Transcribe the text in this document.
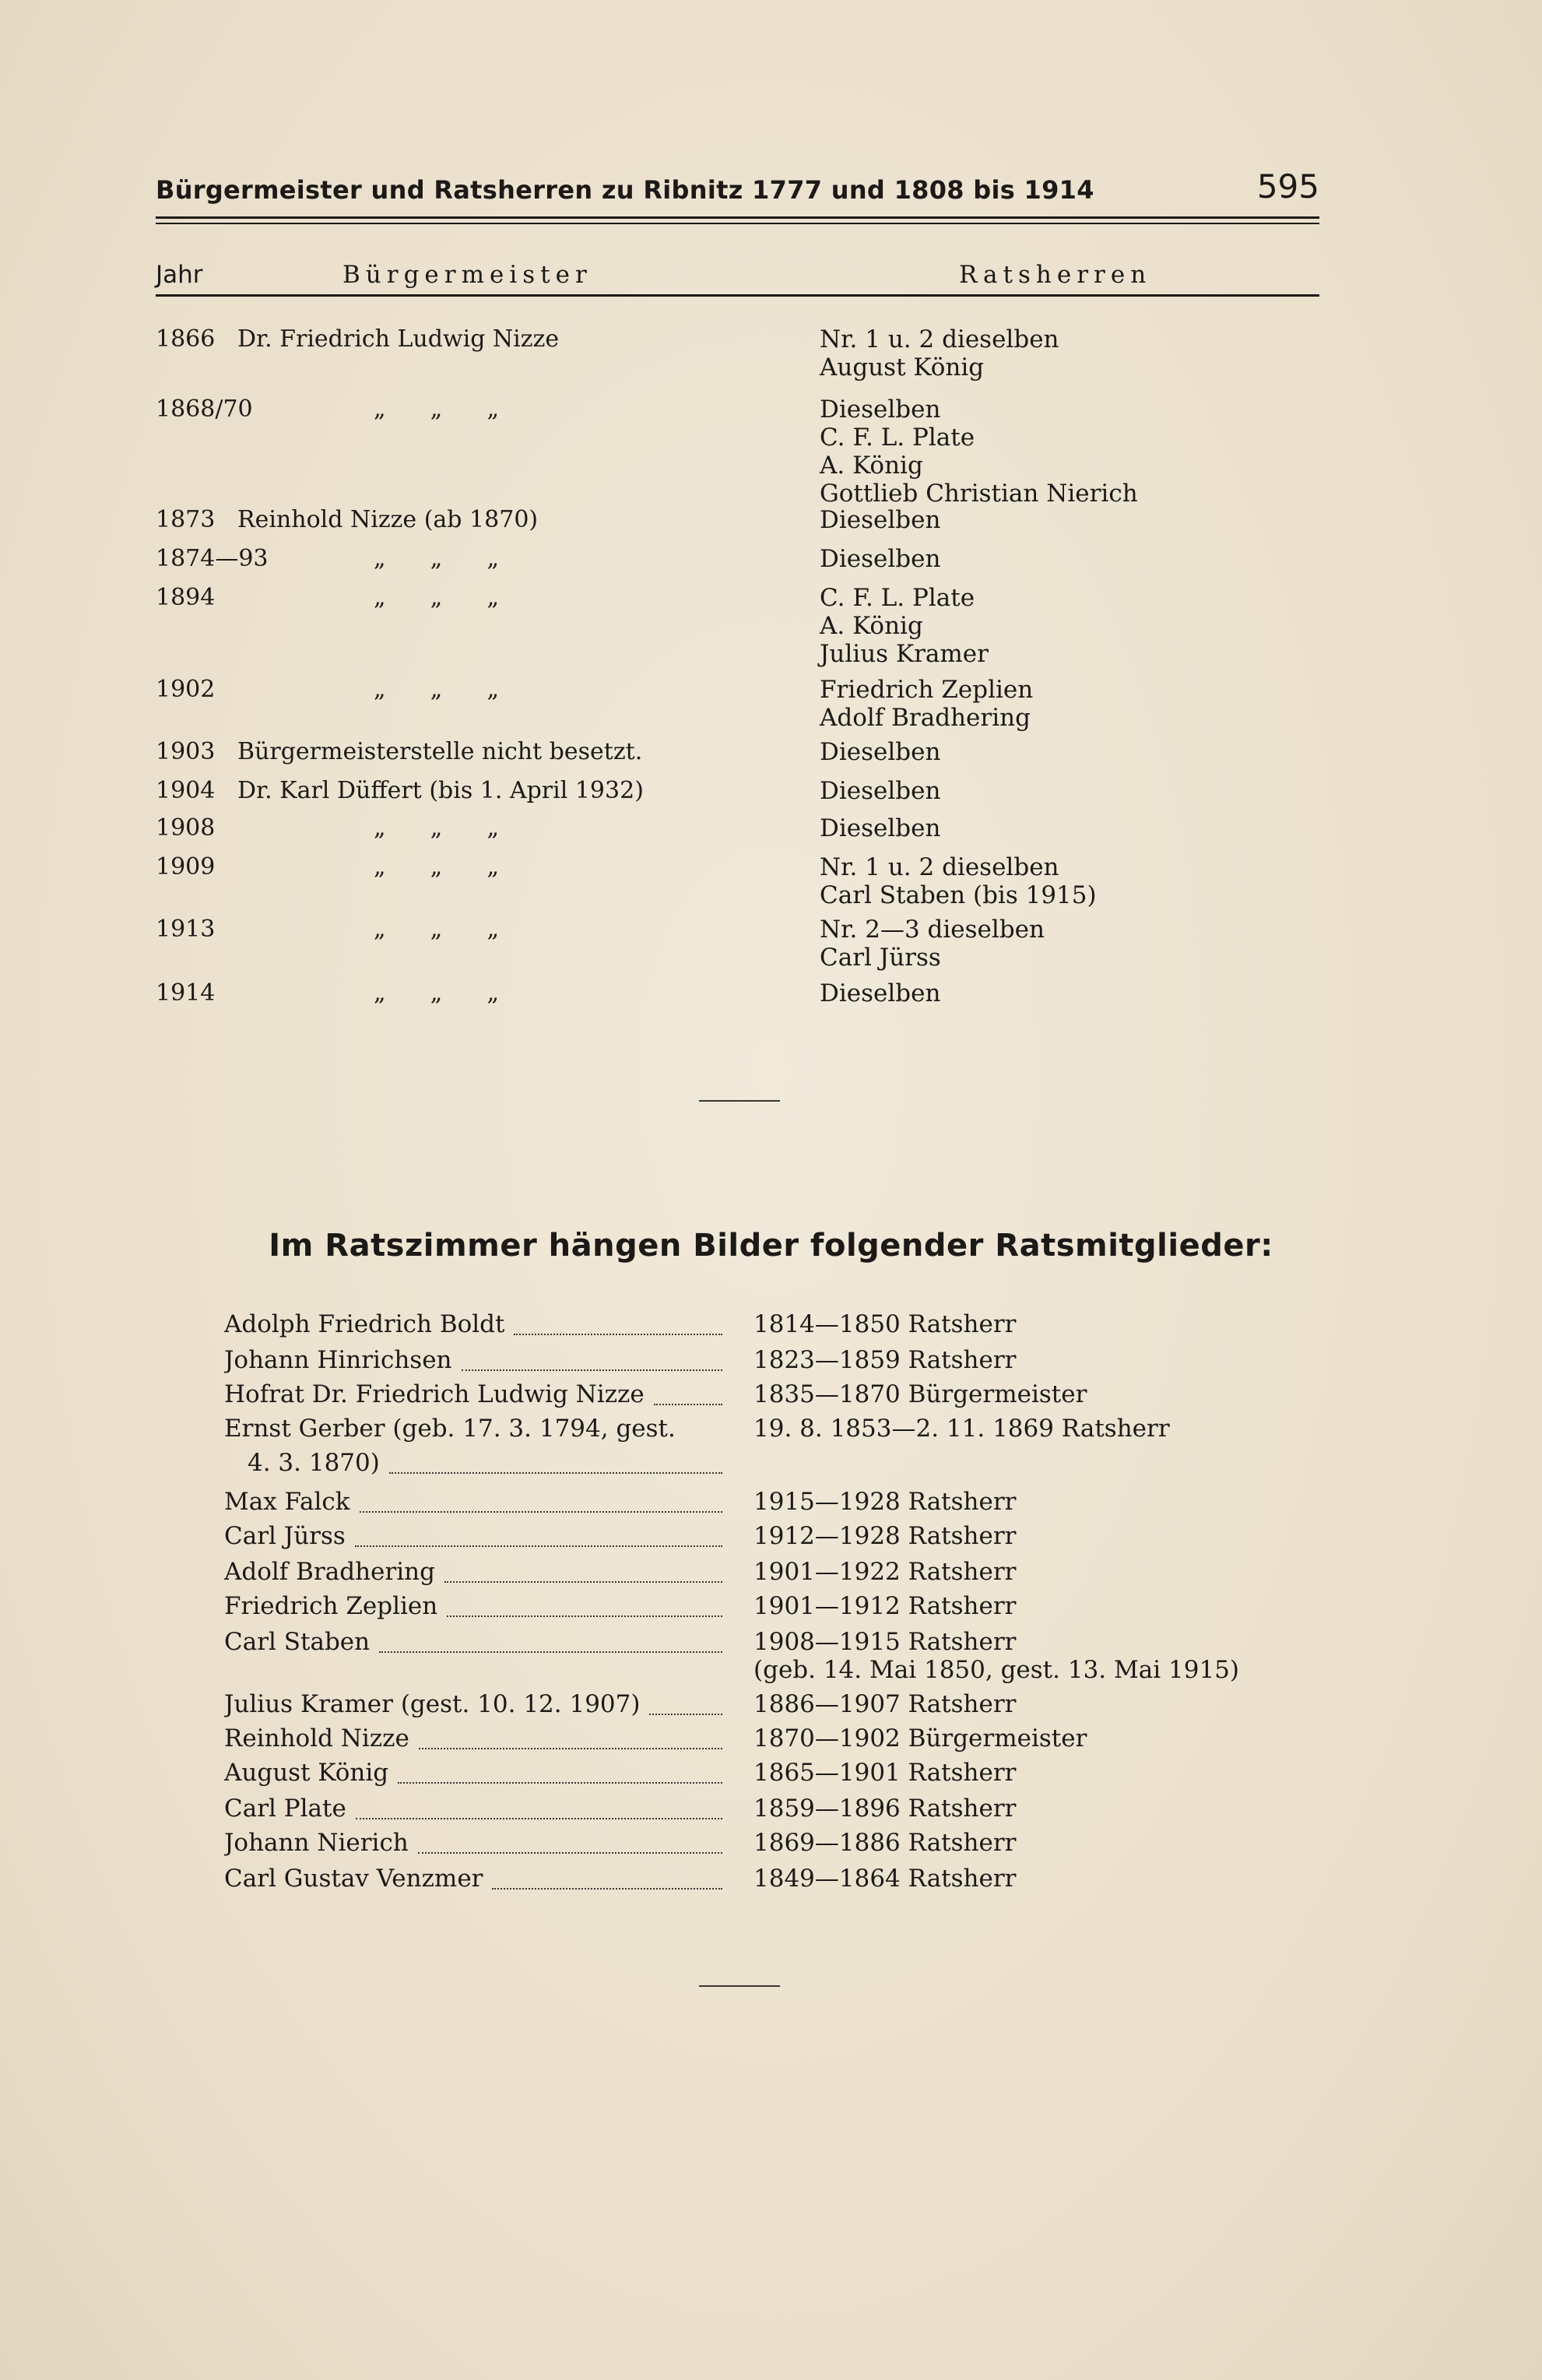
Bürgermeister und Ratsherren zu Ribnitz 1777 und 1808 bis 1914	595
Jahr	Bürgermeister	Ratsherren
1866 Dr. Friedrich Ludwig Nizze	Nr. 1 u. 2 dieselben
August König
1868/70	„      „      „	Dieselben
C. F. L. Plate
A. König
Gottlieb Christian Nierich
1873 Reinhold Nizze (ab 1870)	Dieselben
1874—93	„      „      „	Dieselben
1894	„      „      „	C. F. L. Plate
A. König
Julius Kramer
1902	„      „      „	Friedrich Zeplien
Adolf Bradhering
1903 Bürgermeisterstelle nicht besetzt.	Dieselben
1904 Dr. Karl Düffert (bis 1. April 1932)	Dieselben
1908	„      „      „	Dieselben
1909	„      „      „	Nr. 1 u. 2 dieselben
Carl Staben (bis 1915)
1913	„      „      „	Nr. 2—3 dieselben
Carl Jürss
1914	„      „      „	Dieselben
Im Ratszimmer hängen Bilder folgender Ratsmitglieder:
Adolph Friedrich Boldt	1814—1850 Ratsherr
Johann Hinrichsen	1823—1859 Ratsherr
Hofrat Dr. Friedrich Ludwig Nizze	1835—1870 Bürgermeister
Ernst Gerber (geb. 17. 3. 1794, gest.
4. 3. 1870)
19. 8. 1853—2. 11. 1869 Ratsherr
Max Falck	1915—1928 Ratsherr
Carl Jürss	1912—1928 Ratsherr
Adolf Bradhering	1901—1922 Ratsherr
Friedrich Zeplien	1901—1912 Ratsherr
Carl Staben	1908—1915 Ratsherr
(geb. 14. Mai 1850, gest. 13. Mai 1915)
Julius Kramer (gest. 10. 12. 1907)	1886—1907 Ratsherr
Reinhold Nizze	1870—1902 Bürgermeister
August König	1865—1901 Ratsherr
Carl Plate	1859—1896 Ratsherr
Johann Nierich	1869—1886 Ratsherr
Carl Gustav Venzmer	1849—1864 Ratsherr
